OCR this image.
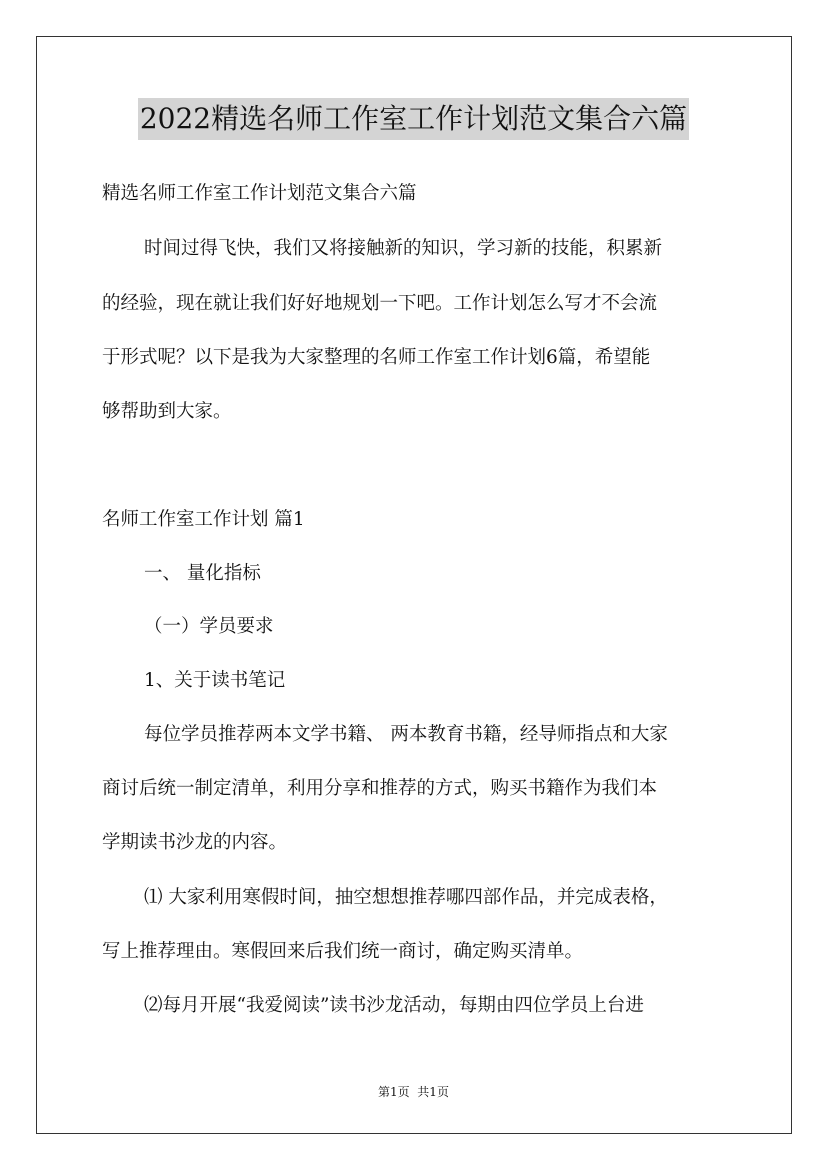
2022精选名师工作室工作计划范文集合六篇
精选名师工作室工作计划范文集合六篇
时间过得飞快，我们又将接触新的知识，学习新的技能，积累新
的经验，现在就让我们好好地规划一下吧。工作计划怎么写才不会流
于形式呢？以下是我为大家整理的名师工作室工作计划6篇，希望能
够帮助到大家。
名师工作室工作计划 篇1
一、 量化指标
（一）学员要求
1、关于读书笔记
每位学员推荐两本文学书籍、 两本教育书籍，经导师指点和大家
商讨后统一制定清单，利用分享和推荐的方式，购买书籍作为我们本
学期读书沙龙的内容。
⑴ 大家利用寒假时间，抽空想想推荐哪四部作品，并完成表格，
写上推荐理由。寒假回来后我们统一商讨，确定购买清单。
⑵每月开展“我爱阅读”读书沙龙活动，每期由四位学员上台进
第1页  共1页
